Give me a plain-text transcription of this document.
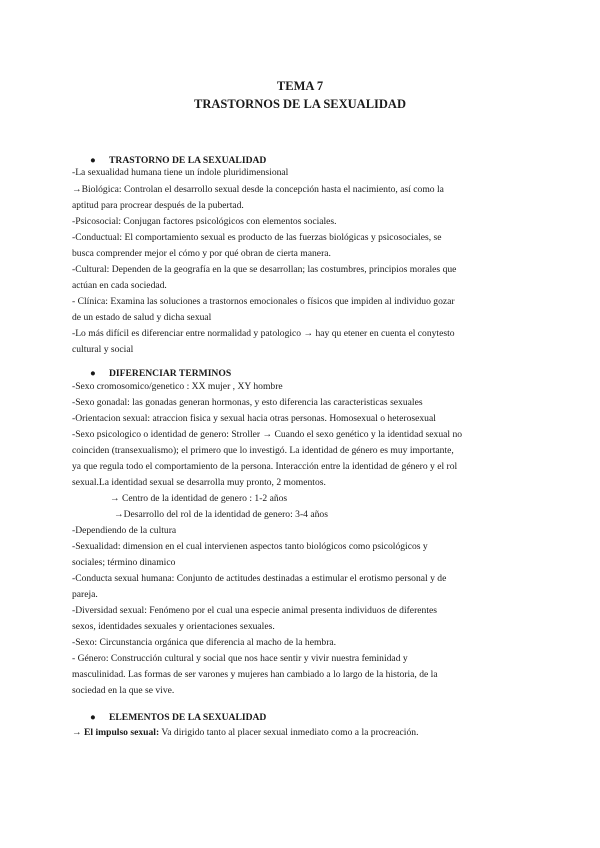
TEMA 7
TRASTORNOS DE LA SEXUALIDAD
● TRASTORNO DE LA SEXUALIDAD
-La sexualidad humana tiene un índole pluridimensional
→Biológica: Controlan el desarrollo sexual desde la concepción hasta el nacimiento, así como la
aptitud para procrear después de la pubertad.
-Psicosocial: Conjugan factores psicológicos con elementos sociales.
-Conductual: El comportamiento sexual es producto de las fuerzas biológicas y psicosociales, se
busca comprender mejor el cómo y por qué obran de cierta manera.
-Cultural: Dependen de la geografía en la que se desarrollan; las costumbres, principios morales que
actúan en cada sociedad.
- Clínica: Examina las soluciones a trastornos emocionales o físicos que impiden al individuo gozar
de un estado de salud y dicha sexual
-Lo más difícil es diferenciar entre normalidad y patologico → hay qu etener en cuenta el conytesto
cultural y social
● DIFERENCIAR TERMINOS
-Sexo cromosomico/genetico : XX mujer , XY hombre
-Sexo gonadal: las gonadas generan hormonas, y esto diferencia las caracteristicas sexuales
-Orientacion sexual: atraccion fisica y sexual hacia otras personas. Homosexual o heterosexual
-Sexo psicologico o identidad de genero: Stroller → Cuando el sexo genético y la identidad sexual no
coinciden (transexualismo); el primero que lo investigó. La identidad de género es muy importante,
ya que regula todo el comportamiento de la persona. Interacción entre la identidad de género y el rol
sexual.La identidad sexual se desarrolla muy pronto, 2 momentos.
→ Centro de la identidad de genero : 1-2 años
→Desarrollo del rol de la identidad de genero: 3-4 años
-Dependiendo de la cultura
-Sexualidad: dimension en el cual intervienen aspectos tanto biológicos como psicológicos y
sociales; término dinamico
-Conducta sexual humana: Conjunto de actitudes destinadas a estimular el erotismo personal y de
pareja.
-Diversidad sexual: Fenómeno por el cual una especie animal presenta individuos de diferentes
sexos, identidades sexuales y orientaciones sexuales.
-Sexo: Circunstancia orgánica que diferencia al macho de la hembra.
- Género: Construcción cultural y social que nos hace sentir y vivir nuestra feminidad y
masculinidad. Las formas de ser varones y mujeres han cambiado a lo largo de la historia, de la
sociedad en la que se vive.
● ELEMENTOS DE LA SEXUALIDAD
→ El impulso sexual: Va dirigido tanto al placer sexual inmediato como a la procreación.
